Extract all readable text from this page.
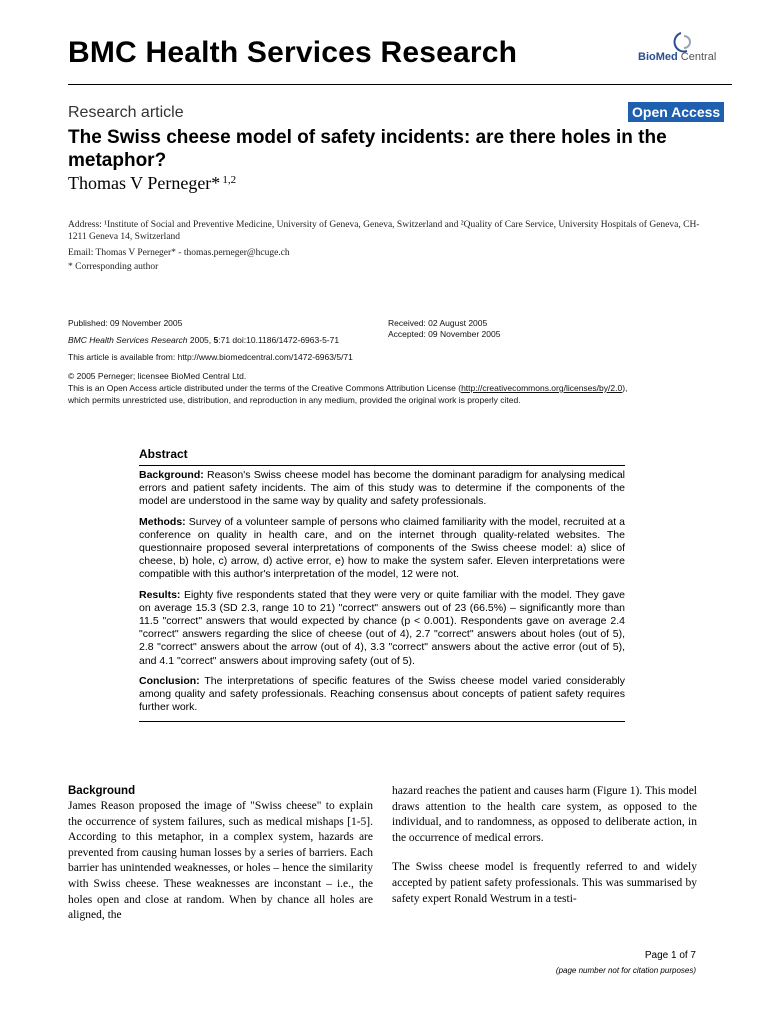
BMC Health Services Research	BioMed Central
Research article	Open Access
The Swiss cheese model of safety incidents: are there holes in the metaphor?
Thomas V Perneger* $^{1,2}$
Address: ¹Institute of Social and Preventive Medicine, University of Geneva, Geneva, Switzerland and ²Quality of Care Service, University Hospitals of Geneva, CH-1211 Geneva 14, Switzerland
Email: Thomas V Perneger* - thomas.perneger@hcuge.ch
* Corresponding author
Published: 09 November 2005
BMC Health Services Research 2005, 5:71 doi:10.1186/1472-6963-5-71
Received: 02 August 2005
Accepted: 09 November 2005
This article is available from: http://www.biomedcentral.com/1472-6963/5/71
© 2005 Perneger; licensee BioMed Central Ltd.
This is an Open Access article distributed under the terms of the Creative Commons Attribution License (http://creativecommons.org/licenses/by/2.0),
which permits unrestricted use, distribution, and reproduction in any medium, provided the original work is properly cited.
Abstract

Background: Reason's Swiss cheese model has become the dominant paradigm for analysing medical errors and patient safety incidents. The aim of this study was to determine if the components of the model are understood in the same way by quality and safety professionals.

Methods: Survey of a volunteer sample of persons who claimed familiarity with the model, recruited at a conference on quality in health care, and on the internet through quality-related websites. The questionnaire proposed several interpretations of components of the Swiss cheese model: a) slice of cheese, b) hole, c) arrow, d) active error, e) how to make the system safer. Eleven interpretations were compatible with this author's interpretation of the model, 12 were not.

Results: Eighty five respondents stated that they were very or quite familiar with the model. They gave on average 15.3 (SD 2.3, range 10 to 21) "correct" answers out of 23 (66.5%) – significantly more than 11.5 "correct" answers that would expected by chance (p < 0.001). Respondents gave on average 2.4 "correct" answers regarding the slice of cheese (out of 4), 2.7 "correct" answers about holes (out of 5), 2.8 "correct" answers about the arrow (out of 4), 3.3 "correct" answers about the active error (out of 5), and 4.1 "correct" answers about improving safety (out of 5).

Conclusion: The interpretations of specific features of the Swiss cheese model varied considerably among quality and safety professionals. Reaching consensus about concepts of patient safety requires further work.

Background

James Reason proposed the image of "Swiss cheese" to explain the occurrence of system failures, such as medical mishaps [1-5]. According to this metaphor, in a complex system, hazards are prevented from causing human losses by a series of barriers. Each barrier has unintended weaknesses, or holes – hence the similarity with Swiss cheese. These weaknesses are inconstant – i.e., the holes open and close at random. When by chance all holes are aligned, the

hazard reaches the patient and causes harm (Figure 1). This model draws attention to the health care system, as opposed to the individual, and to randomness, as opposed to deliberate action, in the occurrence of medical errors.

The Swiss cheese model is frequently referred to and widely accepted by patient safety professionals. This was summarised by safety expert Ronald Westrum in a testi-

Page 1 of 7
(page number not for citation purposes)
